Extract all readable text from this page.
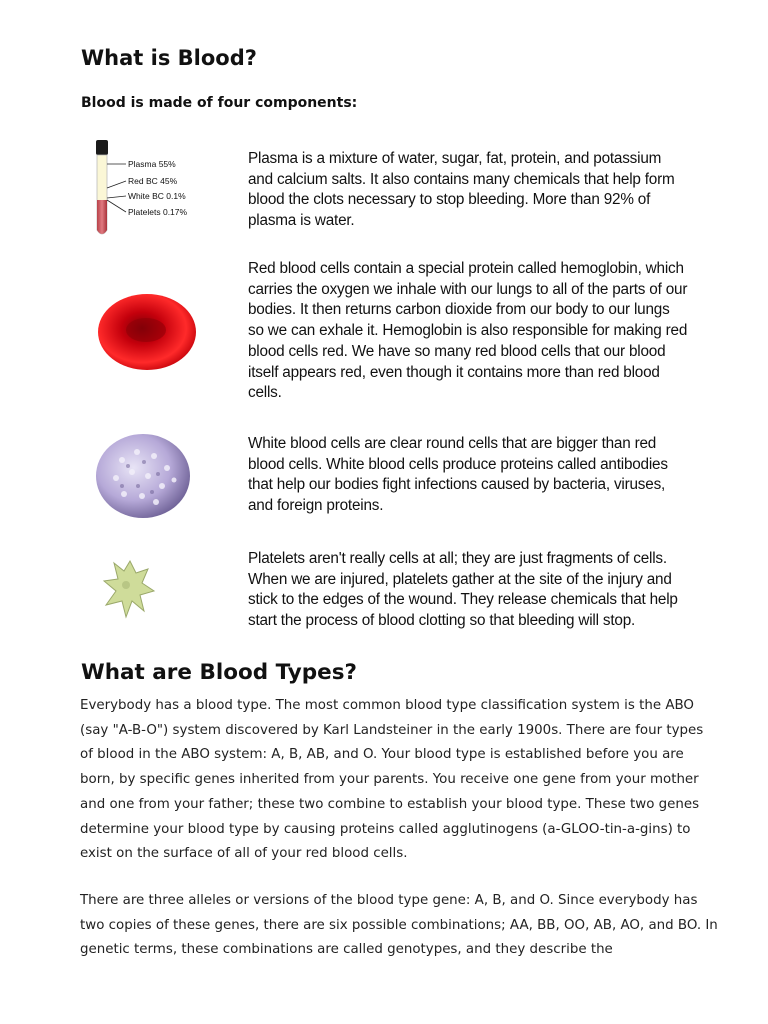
What is Blood?

Blood is made of four components:

Plasma 55%
Red BC 45%
White BC 0.1%
Platelets 0.17%

Plasma is a mixture of water, sugar, fat, protein, and potassium and calcium salts. It also contains many chemicals that help form blood the clots necessary to stop bleeding. More than 92% of plasma is water.

Red blood cells contain a special protein called hemoglobin, which carries the oxygen we inhale with our lungs to all of the parts of our bodies. It then returns carbon dioxide from our body to our lungs so we can exhale it. Hemoglobin is also responsible for making red blood cells red. We have so many red blood cells that our blood itself appears red, even though it contains more than red blood cells.

White blood cells are clear round cells that are bigger than red blood cells. White blood cells produce proteins called antibodies that help our bodies fight infections caused by bacteria, viruses, and foreign proteins.

Platelets aren't really cells at all; they are just fragments of cells. When we are injured, platelets gather at the site of the injury and stick to the edges of the wound. They release chemicals that help start the process of blood clotting so that bleeding will stop.

What are Blood Types?

Everybody has a blood type. The most common blood type classification system is the ABO (say "A-B-O") system discovered by Karl Landsteiner in the early 1900s. There are four types of blood in the ABO system: A, B, AB, and O. Your blood type is established before you are born, by specific genes inherited from your parents. You receive one gene from your mother and one from your father; these two combine to establish your blood type. These two genes determine your blood type by causing proteins called agglutinogens (a-GLOO-tin-a-gins) to exist on the surface of all of your red blood cells.

There are three alleles or versions of the blood type gene: A, B, and O. Since everybody has two copies of these genes, there are six possible combinations; AA, BB, OO, AB, AO, and BO. In genetic terms, these combinations are called genotypes, and they describe the
